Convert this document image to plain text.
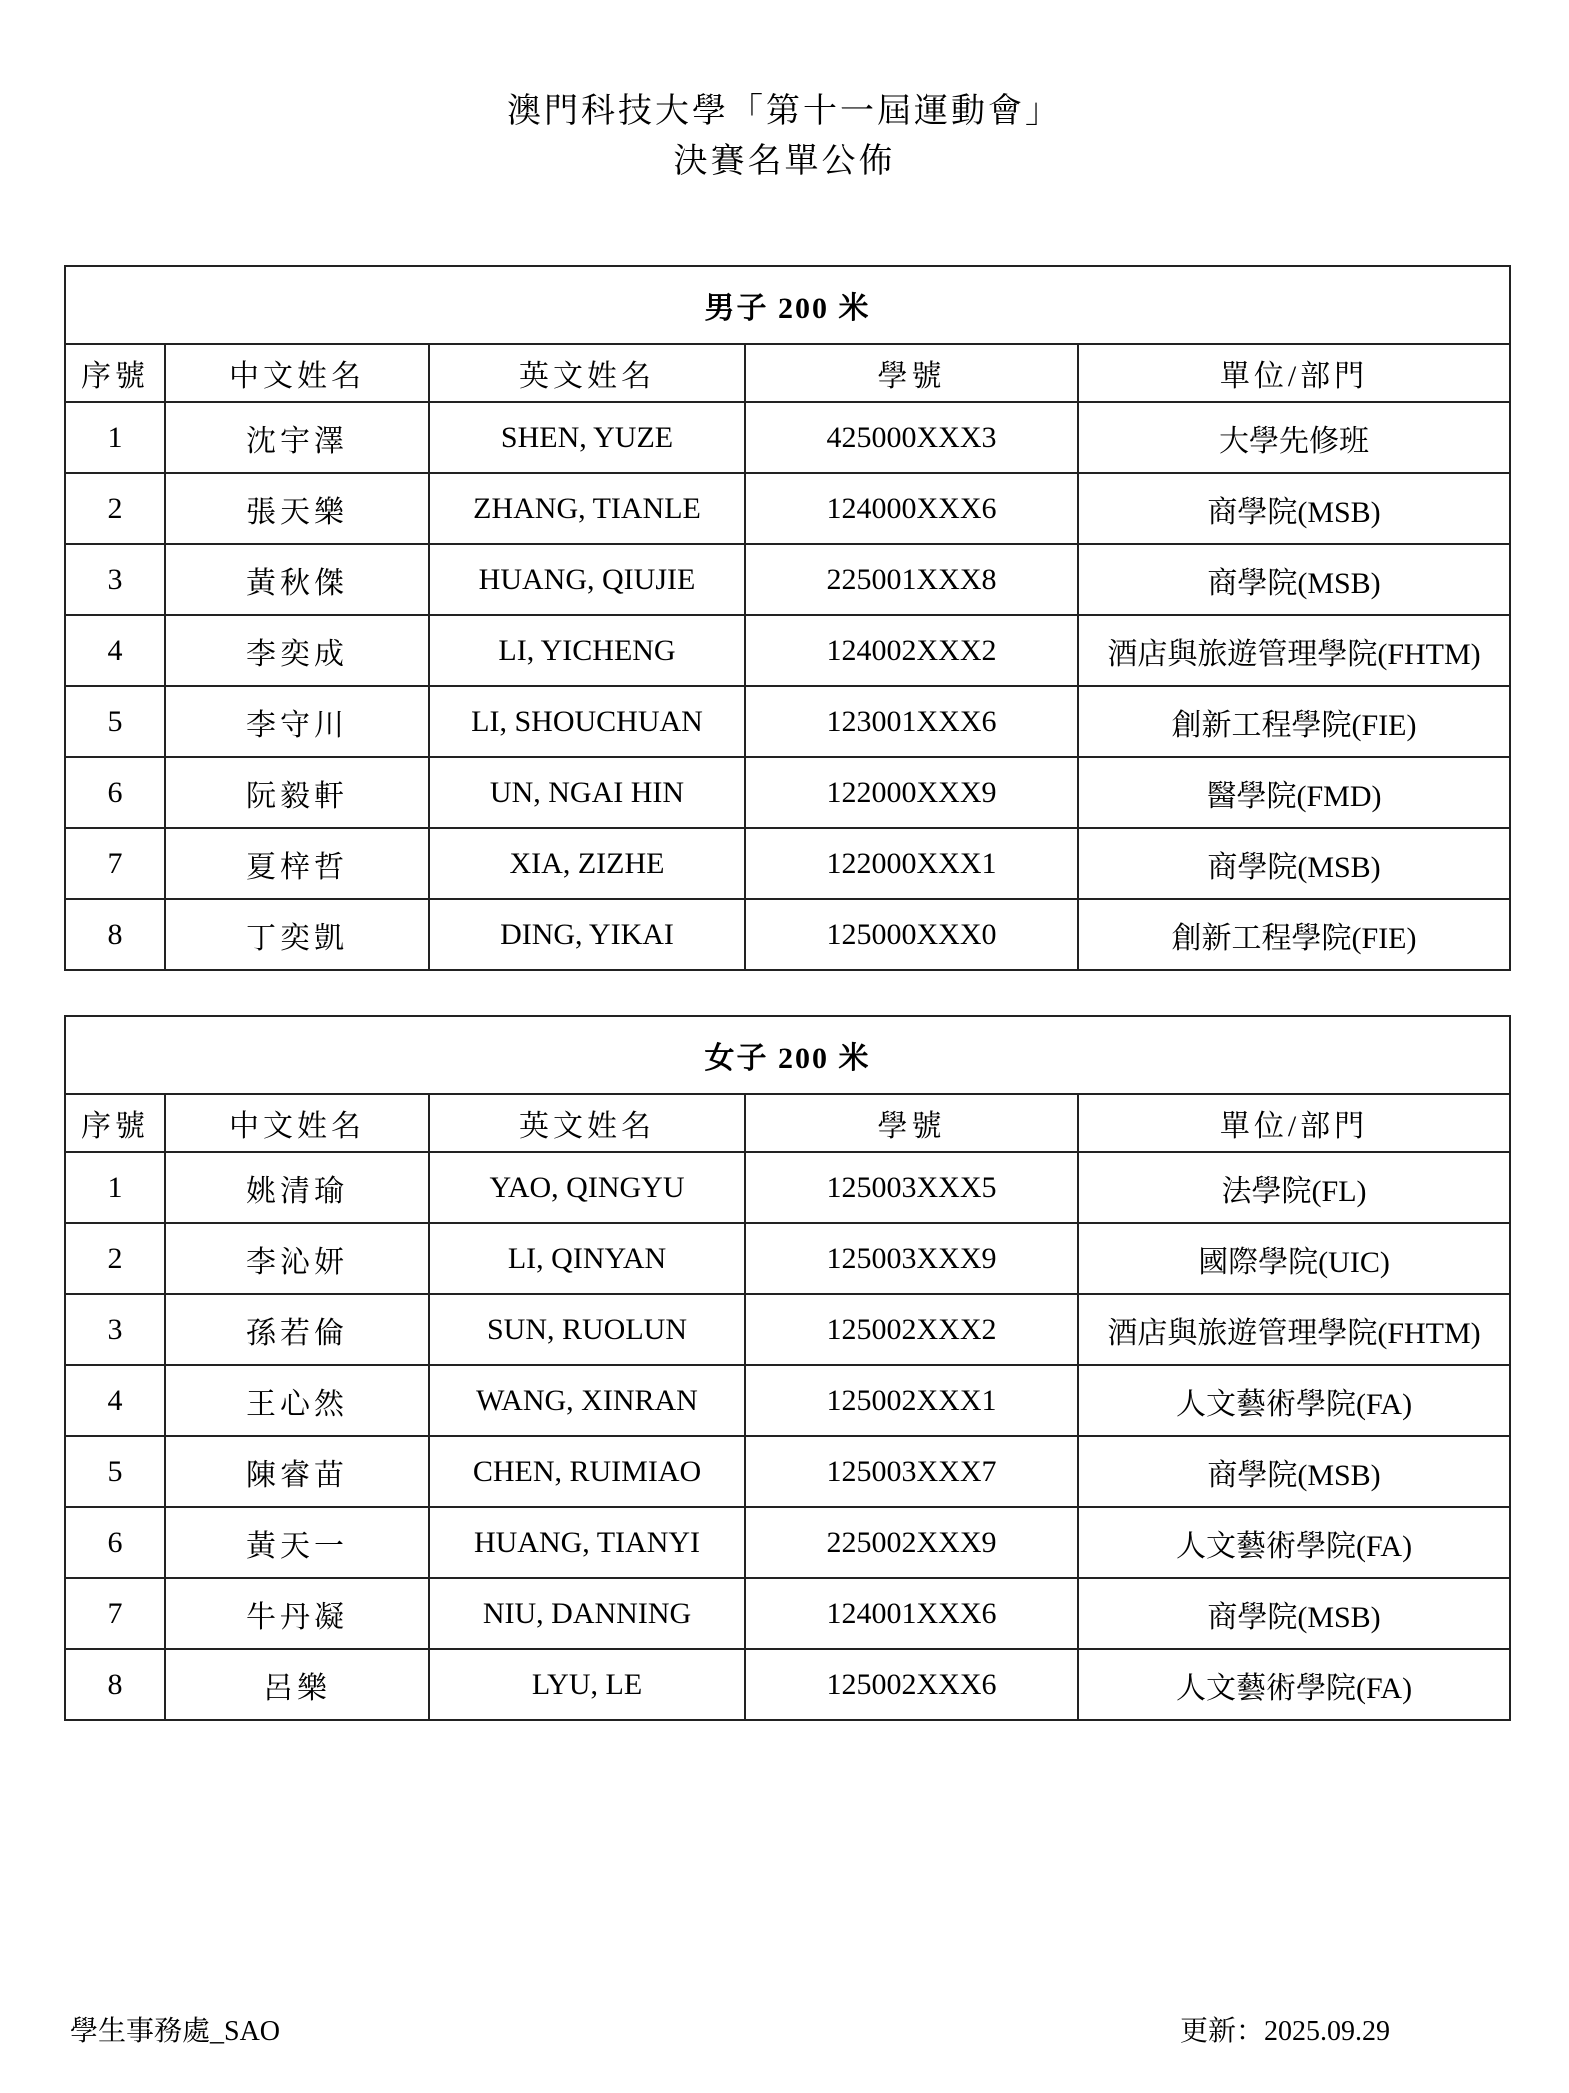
澳門科技大學「第十一屆運動會」
決賽名單公佈
男子 200 米				
序號	中文姓名	英文姓名	學號	單位/部門
1	沈宇澤	SHEN, YUZE	425000XXX3	大學先修班
2	張天樂	ZHANG, TIANLE	124000XXX6	商學院(MSB)
3	黃秋傑	HUANG, QIUJIE	225001XXX8	商學院(MSB)
4	李奕成	LI, YICHENG	124002XXX2	酒店與旅遊管理學院(FHTM)
5	李守川	LI, SHOUCHUAN	123001XXX6	創新工程學院(FIE)
6	阮毅軒	UN, NGAI HIN	122000XXX9	醫學院(FMD)
7	夏梓哲	XIA, ZIZHE	122000XXX1	商學院(MSB)
8	丁奕凱	DING, YIKAI	125000XXX0	創新工程學院(FIE)
女子 200 米				
序號	中文姓名	英文姓名	學號	單位/部門
1	姚清瑜	YAO, QINGYU	125003XXX5	法學院(FL)
2	李沁妍	LI, QINYAN	125003XXX9	國際學院(UIC)
3	孫若倫	SUN, RUOLUN	125002XXX2	酒店與旅遊管理學院(FHTM)
4	王心然	WANG, XINRAN	125002XXX1	人文藝術學院(FA)
5	陳睿苗	CHEN, RUIMIAO	125003XXX7	商學院(MSB)
6	黃天一	HUANG, TIANYI	225002XXX9	人文藝術學院(FA)
7	牛丹凝	NIU, DANNING	124001XXX6	商學院(MSB)
8	呂樂	LYU, LE	125002XXX6	人文藝術學院(FA)
學生事務處_SAO	更新：2025.09.29
